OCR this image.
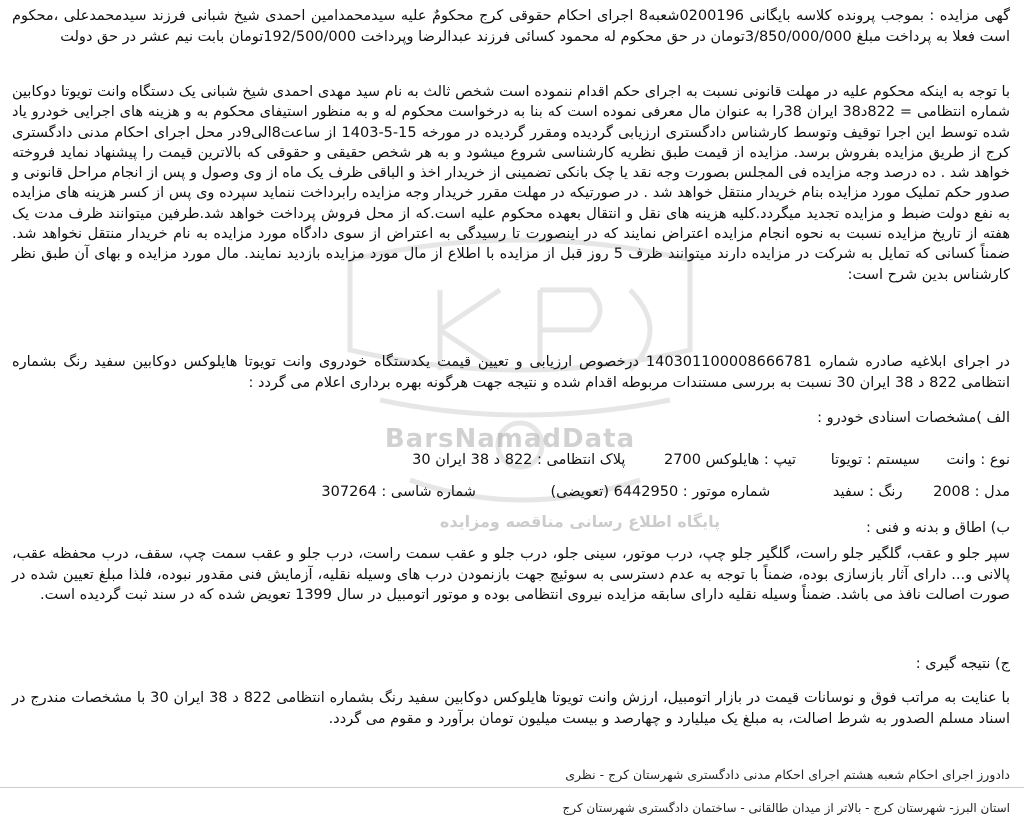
BarsNamadData
پایگاه اطلاع رسانی مناقصه ومزایده

گهی مزایده : بموجب پرونده کلاسه بایگانی 0200196شعبه8 اجرای احکام حقوقی کرج محکومٌ علیه سیدمحمدامین احمدی شیخ شبانی فرزند سیدمحمدعلی ،محکوم است فعلا به پرداخت مبلغ 3/850/000/000تومان در حق محکوم له محمود کسائی فرزند عبدالرضا وپرداخت 192/500/000تومان بابت نیم عشر در حق دولت

با توجه به اینکه محکوم علیه در مهلت قانونی نسبت به اجرای حکم اقدام ننموده است شخص ثالث به نام سید مهدی احمدی شیخ شبانی یک دستگاه وانت تویوتا دوکابین شماره انتظامی = 822د38 ایران 38را به عنوان مال معرفی نموده است که بنا به درخواست محکوم له و به منظور استیفای محکوم به و هزینه های اجرایی خودرو یاد شده توسط این اجرا توقیف وتوسط کارشناس دادگستری ارزیابی گردیده ومقرر گردیده در مورخه 15-5-1403 از ساعت8الی9در محل اجرای احکام مدنی دادگستری کرج از طریق مزایده بفروش برسد. مزایده از قیمت طبق نظریه کارشناسی شروع میشود و به هر شخص حقیقی و حقوقی که بالاترین قیمت را پیشنهاد نماید فروخته خواهد شد . ده درصد وجه مزایده فی المجلس بصورت وجه نقد یا چک بانکی تضمینی از خریدار اخذ و الباقی ظرف یک ماه از وی وصول و پس از انجام مراحل قانونی و صدور حکم تملیک مورد مزایده بنام خریدار منتقل خواهد شد . در صورتیکه در مهلت مقرر خریدار وجه مزایده رابرداخت ننماید سپرده وی پس از کسر هزینه های مزایده به نفع دولت ضبط و مزایده تجدید میگردد.کلیه هزینه های نقل و انتقال بعهده محکوم علیه است.که از محل فروش پرداخت خواهد شد.طرفین میتوانند ظرف مدت یک هفته از تاریخ مزایده نسبت به نحوه انجام مزایده اعتراض نمایند که در اینصورت تا رسیدگی به اعتراض از سوی دادگاه مورد مزایده به نام خریدار منتقل نخواهد شد. ضمناً کسانی که تمایل به شرکت در مزایده دارند میتوانند ظرف 5 روز قبل از مزایده با اطلاع از مال مورد مزایده بازدید نمایند. مال مورد مزایده و بهای آن طبق نظر کارشناس بدین شرح است:

در اجرای ابلاغیه صادره شماره 140301100008666781 درخصوص ارزیابی و تعیین قیمت یکدستگاه خودروی وانت تویوتا هایلوکس دوکابین سفید رنگ بشماره انتظامی 822 د 38 ایران 30 نسبت به بررسی مستندات مربوطه اقدام شده و نتیجه جهت هرگونه بهره برداری اعلام می گردد :

الف )مشخصات اسنادی خودرو :
نوع : وانت سیستم : تویوتا تیپ : هایلوکس 2700 پلاک انتظامی : 822 د 38 ایران 30
مدل : 2008 رنگ : سفید شماره موتور : 6442950 (تعویضی) شماره شاسی : 307264
ب) اطاق و بدنه و فنی :

سپر جلو و عقب، گلگیر جلو راست، گلگیر جلو چپ، درب موتور، سینی جلو، درب جلو و عقب سمت راست، درب جلو و عقب سمت چپ، سقف، درب محفظه عقب، پالانی و... دارای آثار بازسازی بوده، ضمناً با توجه به عدم دسترسی به سوئیچ جهت بازنمودن درب های وسیله نقلیه، آزمایش فنی مقدور نبوده، فلذا مبلغ تعیین شده در صورت اصالت نافذ می باشد. ضمناً وسیله نقلیه دارای سابقه مزایده نیروی انتظامی بوده و موتور اتومبیل در سال 1399 تعویض شده که در سند ثبت گردیده است.

ج) نتیجه گیری :

با عنایت به مراتب فوق و نوسانات قیمت در بازار اتومبیل، ارزش وانت تویوتا هایلوکس دوکابین سفید رنگ بشماره انتظامی 822 د 38 ایران 30 با مشخصات مندرج در اسناد مسلم الصدور به شرط اصالت، به مبلغ یک میلیارد و چهارصد و بیست میلیون تومان برآورد و مقوم می گردد.

دادورز اجرای احکام شعبه هشتم اجرای احکام مدنی دادگستری شهرستان کرج - نظری
استان البرز- شهرستان کرج - بالاتر از میدان طالقانی - ساختمان دادگستری شهرستان کرج
